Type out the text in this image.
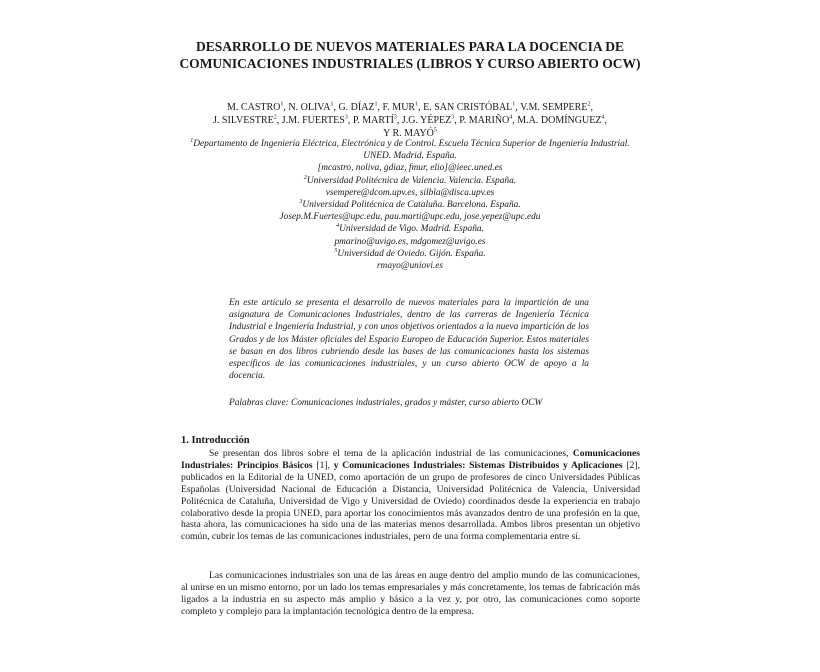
DESARROLLO DE NUEVOS MATERIALES PARA LA DOCENCIA DE COMUNICACIONES INDUSTRIALES (LIBROS Y CURSO ABIERTO OCW)
M. CASTRO$^1$, N. OLIVA$^1$, G. DÍAZ$^1$, F. MUR$^1$, E. SAN CRISTÓBAL$^1$, V.M. SEMPERE$^2$,
J. SILVESTRE$^2$, J.M. FUERTES$^3$, P. MARTÍ$^3$, J.G. YÉPEZ$^3$, P. MARIÑO$^4$, M.A. DOMÍNGUEZ$^4$,
Y R. MAYÓ$^5$
$^1$Departamento de Ingeniería Eléctrica, Electrónica y de Control. Escuela Técnica Superior de Ingeniería Industrial. UNED. Madrid. España.
[mcastro, noliva, gdiaz, fmur, elio]@ieec.uned.es
$^2$Universidad Politécnica de Valencia. Valencia. España.
vsempere@dcom.upv.es, silbla@disca.upv.es
$^3$Universidad Politécnica de Cataluña. Barcelona. España.
Josep.M.Fuertes@upc.edu, pau.marti@upc.edu, jose.yepez@upc.edu
$^4$Universidad de Vigo. Madrid. España.
pmarino@uvigo.es, mdgomez@uvigo.es
$^5$Universidad de Oviedo. Gijón. España.
rmayo@uniovi.es
En este artículo se presenta el desarrollo de nuevos materiales para la impartición de una asignatura de Comunicaciones Industriales, dentro de las carreras de Ingeniería Técnica Industrial e Ingeniería Industrial, y con unos objetivos orientados a la nueva impartición de los Grados y de los Máster oficiales del Espacio Europeo de Educación Superior. Estos materiales se basan en dos libros cubriendo desde las bases de las comunicaciones hasta los sistemas específicos de las comunicaciones industriales, y un curso abierto OCW de apoyo a la docencia.
Palabras clave: Comunicaciones industriales, grados y máster, curso abierto OCW
1. Introducción

Se presentan dos libros sobre el tema de la aplicación industrial de las comunicaciones, Comunicaciones Industriales: Principios Básicos [1], y Comunicaciones Industriales: Sistemas Distribuidos y Aplicaciones [2], publicados en la Editorial de la UNED, como aportación de un grupo de profesores de cinco Universidades Públicas Españolas (Universidad Nacional de Educación a Distancia, Universidad Politécnica de Valencia, Universidad Politécnica de Cataluña, Universidad de Vigo y Universidad de Oviedo) coordinados desde la experiencia en trabajo colaborativo desde la propia UNED, para aportar los conocimientos más avanzados dentro de una profesión en la que, hasta ahora, las comunicaciones ha sido una de las materias menos desarrollada. Ambos libros presentan un objetivo común, cubrir los temas de las comunicaciones industriales, pero de una forma complementaria entre sí.

Las comunicaciones industriales son una de las áreas en auge dentro del amplio mundo de las comunicaciones, al unirse en un mismo entorno, por un lado los temas empresariales y más concretamente, los temas de fabricación más ligados a la industria en su aspecto más amplio y básico a la vez y, por otro, las comunicaciones como soporte completo y complejo para la implantación tecnológica dentro de la empresa.
